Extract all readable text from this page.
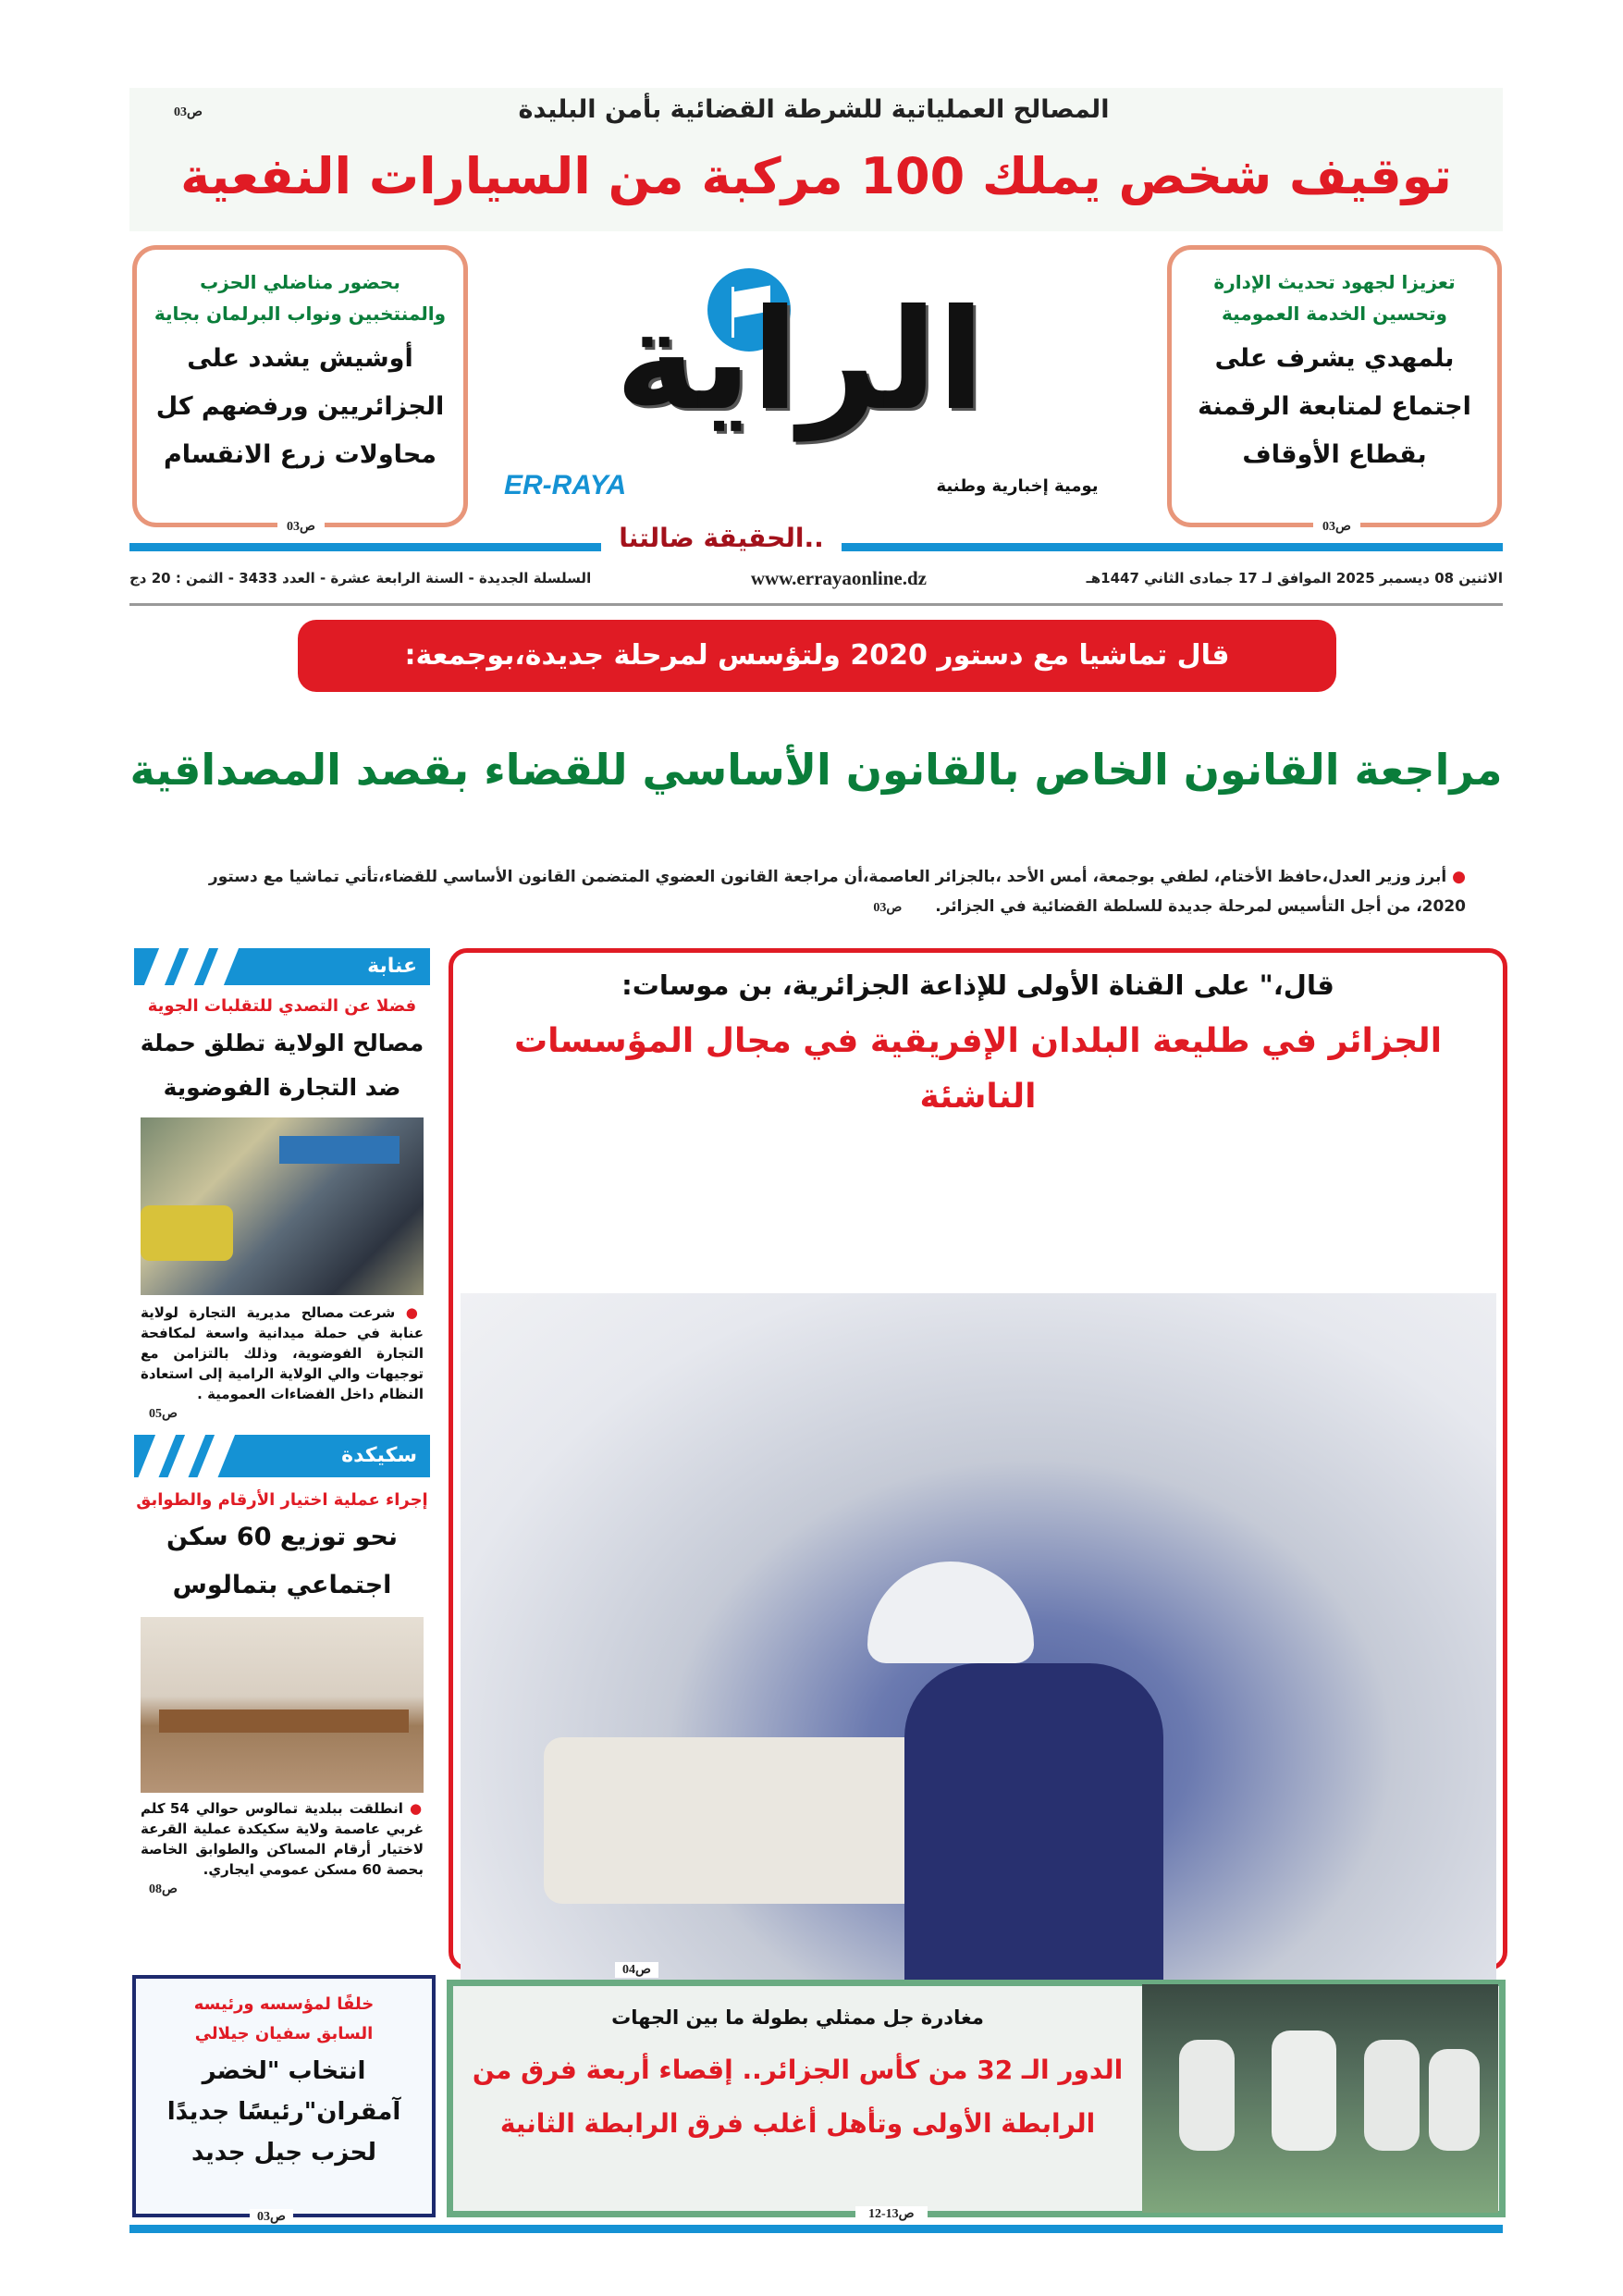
ص03	المصالح العملياتية للشرطة القضائية بأمن البليدة
توقيف شخص يملك 100 مركبة من السيارات النفعية
بحضور مناضلي الحزب والمنتخبين ونواب البرلمان بجاية
أوشيش يشدد على الجزائريين ورفضهم كل محاولات زرع الانقسام
ص03
تعزيزا لجهود تحديث الإدارة وتحسين الخدمة العمومية
بلمهدي يشرف على اجتماع لمتابعة الرقمنة بقطاع الأوقاف
ص03
الراية
ER-RAYA	يومية إخبارية وطنية
..الحقيقة ضالتنا
الاثنين 08 ديسمبر 2025 الموافق لـ 17 جمادى الثاني 1447هـ
www.errayaonline.dz
السلسلة الجديدة - السنة الرابعة عشرة - العدد 3433 - الثمن : 20 دج
قال تماشيا مع دستور 2020 ولتؤسس لمرحلة جديدة،بوجمعة:
مراجعة القانون الخاص بالقانون الأساسي للقضاء بقصد المصداقية
● أبرز وزير العدل،حافظ الأختام، لطفي بوجمعة، أمس الأحد ،بالجزائر العاصمة،أن مراجعة القانون العضوي المتضمن القانون الأساسي للقضاء،تأتي تماشيا مع دستور 2020، من أجل التأسيس لمرحلة جديدة للسلطة القضائية في الجزائر. ص03
عنابة
فضلا عن التصدي للتقلبات الجوية
مصالح الولاية تطلق حملة ضد التجارة الفوضوية
● شرعت مصالح مديرية التجارة لولاية عنابة في حملة ميدانية واسعة لمكافحة التجارة الفوضوية، وذلك بالتزامن مع توجيهات والي الولاية الرامية إلى استعادة النظام داخل الفضاءات العمومية .
ص05
سكيكدة
إجراء عملية اختيار الأرقام والطوابق
نحو توزيع 60 سكن اجتماعي بتمالوس
● انطلقت ببلدية تمالوس حوالي 54 كلم غربي عاصمة ولاية سكيكدة عملية القرعة لاختيار أرقام المساكن والطوابق الخاصة بحصة 60 مسكن عمومي ايجاري.
ص08
قال،" على القناة الأولى للإذاعة الجزائرية، بن موسات:
الجزائر في طليعة البلدان الإفريقية في مجال المؤسسات الناشئة
ص04
خلفًا لمؤسسه ورئيسه السابق سفيان جيلالي
انتخاب "لخضر آمقران"رئيسًا جديدًا لحزب جيل جديد
ص03
مغادرة جل ممثلي بطولة ما بين الجهات
الدور الـ 32 من كأس الجزائر.. إقصاء أربعة فرق من الرابطة الأولى وتأهل أغلب فرق الرابطة الثانية
ص13-12
